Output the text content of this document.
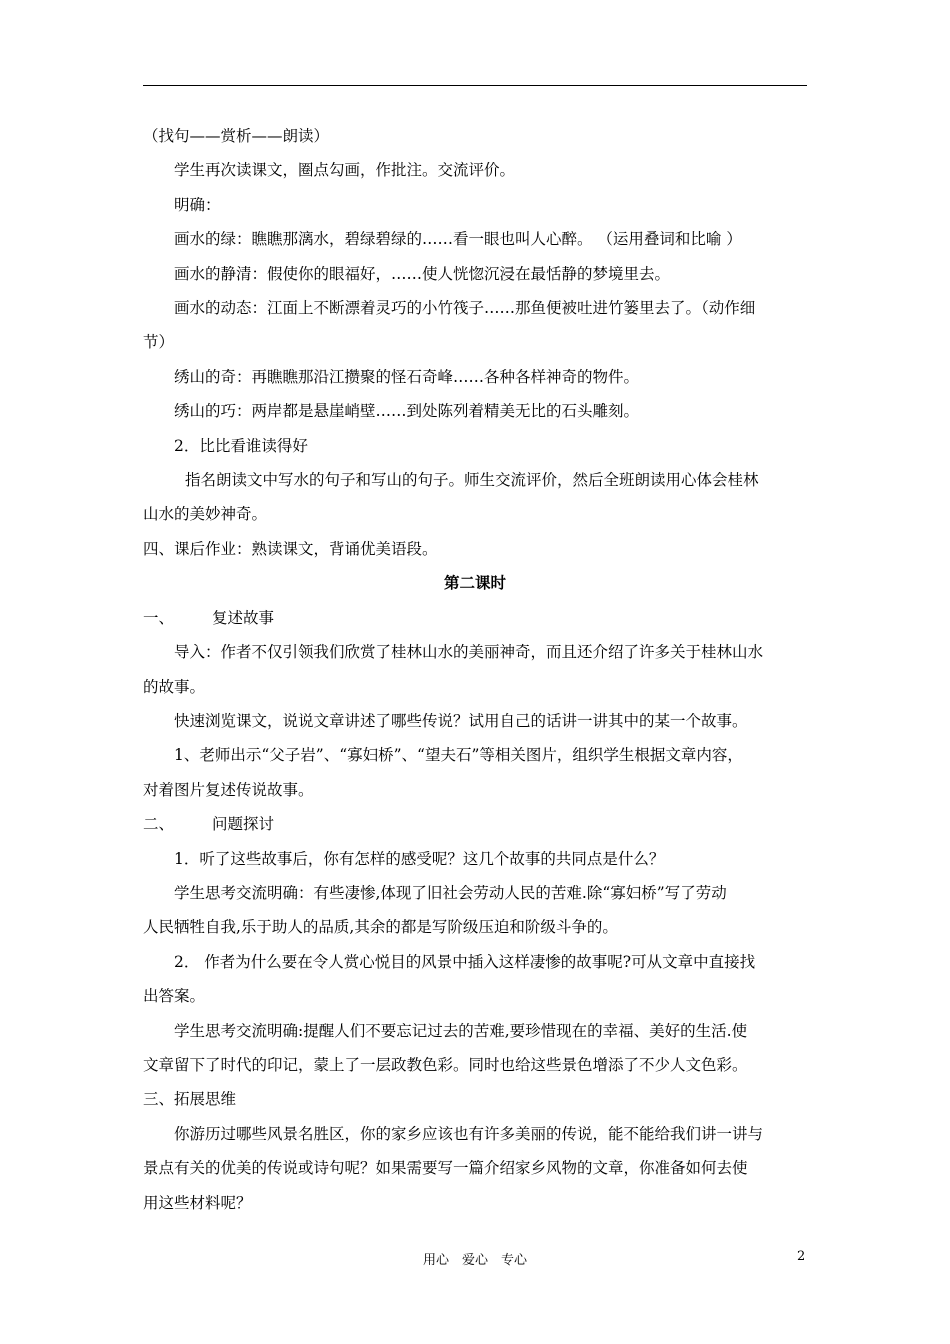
（找句——赏析——朗读）

学生再次读课文，圈点勾画，作批注。交流评价。

明确：

画水的绿：瞧瞧那漓水，碧绿碧绿的……看一眼也叫人心醉。 （运用叠词和比喻 ）

画水的静清：假使你的眼福好，……使人恍惚沉浸在最恬静的梦境里去。

画水的动态：江面上不断漂着灵巧的小竹筏子……那鱼便被吐进竹篓里去了。（动作细

节）

绣山的奇：再瞧瞧那沿江攒聚的怪石奇峰……各种各样神奇的物件。

绣山的巧：两岸都是悬崖峭壁……到处陈列着精美无比的石头雕刻。

2．比比看谁读得好

指名朗读文中写水的句子和写山的句子。师生交流评价，然后全班朗读用心体会桂林

山水的美妙神奇。

四、课后作业：熟读课文，背诵优美语段。

第二课时

一、	复述故事

导入：作者不仅引领我们欣赏了桂林山水的美丽神奇，而且还介绍了许多关于桂林山水

的故事。

快速浏览课文，说说文章讲述了哪些传说？试用自己的话讲一讲其中的某一个故事。

1、老师出示“父子岩”、“寡妇桥”、“望夫石”等相关图片，组织学生根据文章内容，

对着图片复述传说故事。

二、	问题探讨

1．听了这些故事后，你有怎样的感受呢？这几个故事的共同点是什么？

学生思考交流明确：有些凄惨,体现了旧社会劳动人民的苦难.除“寡妇桥”写了劳动

人民牺牲自我,乐于助人的品质,其余的都是写阶级压迫和阶级斗争的。

2． 作者为什么要在令人赏心悦目的风景中插入这样凄惨的故事呢?可从文章中直接找

出答案。

学生思考交流明确:提醒人们不要忘记过去的苦难,要珍惜现在的幸福、美好的生活.使

文章留下了时代的印记，蒙上了一层政教色彩。同时也给这些景色增添了不少人文色彩。

三、拓展思维

你游历过哪些风景名胜区，你的家乡应该也有许多美丽的传说，能不能给我们讲一讲与

景点有关的优美的传说或诗句呢？如果需要写一篇介绍家乡风物的文章，你准备如何去使

用这些材料呢？

用心　爱心　专心	2
